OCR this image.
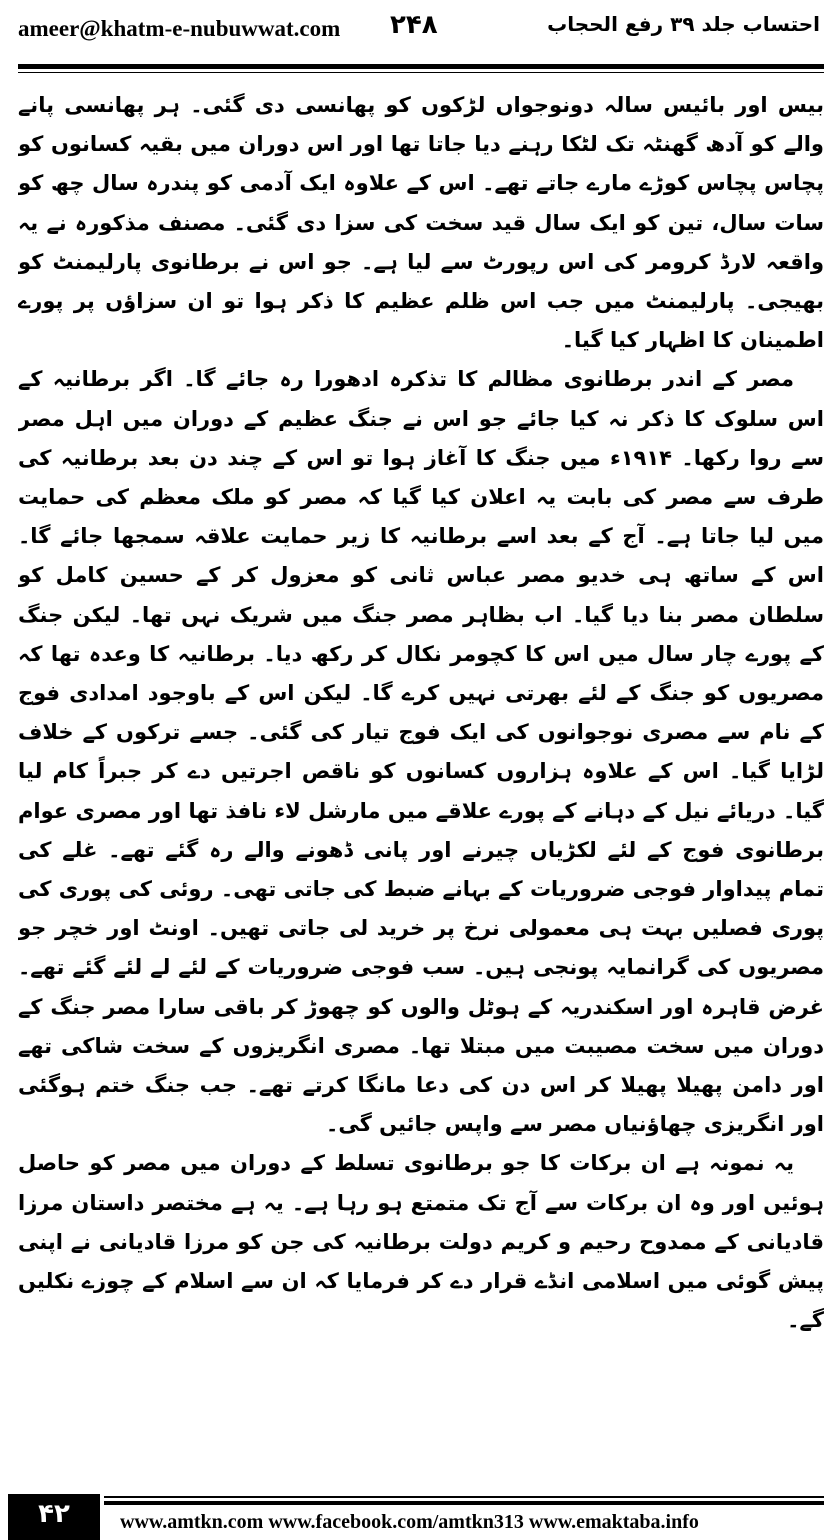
ameer@khatm-e-nubuwwat.com ۲۴۸	احتساب جلد ۳۹ رفع الحجاب

بیس اور بائیس سالہ دونوجواں لڑکوں کو پھانسی دی گئی۔ ہر پھانسی پانے والے کو آدھ گھنٹہ تک لٹکا رہنے دیا جاتا تھا اور اس دوران میں بقیہ کسانوں کو پچاس پچاس کوڑے مارے جاتے تھے۔ اس کے علاوہ ایک آدمی کو پندرہ سال چھ کو سات سال، تین کو ایک سال قید سخت کی سزا دی گئی۔ مصنف مذکورہ نے یہ واقعہ لارڈ کرومر کی اس رپورٹ سے لیا ہے۔ جو اس نے برطانوی پارلیمنٹ کو بھیجی۔ پارلیمنٹ میں جب اس ظلم عظیم کا ذکر ہوا تو ان سزاؤں پر پورے اطمینان کا اظہار کیا گیا۔

مصر کے اندر برطانوی مظالم کا تذکرہ ادھورا رہ جائے گا۔ اگر برطانیہ کے اس سلوک کا ذکر نہ کیا جائے جو اس نے جنگ عظیم کے دوران میں اہل مصر سے روا رکھا۔ ۱۹۱۴ء میں جنگ کا آغاز ہوا تو اس کے چند دن بعد برطانیہ کی طرف سے مصر کی بابت یہ اعلان کیا گیا کہ مصر کو ملک معظم کی حمایت میں لیا جاتا ہے۔ آج کے بعد اسے برطانیہ کا زیر حمایت علاقہ سمجھا جائے گا۔ اس کے ساتھ ہی خدیو مصر عباس ثانی کو معزول کر کے حسین کامل کو سلطان مصر بنا دیا گیا۔ اب بظاہر مصر جنگ میں شریک نہں تھا۔ لیکن جنگ کے پورے چار سال میں اس کا کچومر نکال کر رکھ دیا۔ برطانیہ کا وعدہ تھا کہ مصریوں کو جنگ کے لئے بھرتی نہیں کرے گا۔ لیکن اس کے باوجود امدادی فوج کے نام سے مصری نوجوانوں کی ایک فوج تیار کی گئی۔ جسے ترکوں کے خلاف لڑایا گیا۔ اس کے علاوہ ہزاروں کسانوں کو ناقص اجرتیں دے کر جبراً کام لیا گیا۔ دریائے نیل کے دہانے کے پورے علاقے میں مارشل لاء نافذ تھا اور مصری عوام برطانوی فوج کے لئے لکڑیاں چیرنے اور پانی ڈھونے والے رہ گئے تھے۔ غلے کی تمام پیداوار فوجی ضروریات کے بہانے ضبط کی جاتی تھی۔ روئی کی پوری کی پوری فصلیں بہت ہی معمولی نرخ پر خرید لی جاتی تھیں۔ اونٹ اور خچر جو مصریوں کی گرانمایہ پونجی ہیں۔ سب فوجی ضروریات کے لئے لے لئے گئے تھے۔ غرض قاہرہ اور اسکندریہ کے ہوٹل والوں کو چھوڑ کر باقی سارا مصر جنگ کے دوران میں سخت مصیبت میں مبتلا تھا۔ مصری انگریزوں کے سخت شاکی تھے اور دامن پھیلا پھیلا کر اس دن کی دعا مانگا کرتے تھے۔ جب جنگ ختم ہوگئی اور انگریزی چھاؤنیاں مصر سے واپس جائیں گی۔

یہ نمونہ ہے ان برکات کا جو برطانوی تسلط کے دوران میں مصر کو حاصل ہوئیں اور وہ ان برکات سے آج تک متمتع ہو رہا ہے۔ یہ ہے مختصر داستان مرزا قادیانی کے ممدوح رحیم و کریم دولت برطانیہ کی جن کو مرزا قادیانی نے اپنی پیش گوئی میں اسلامی انڈے قرار دے کر فرمایا کہ ان سے اسلام کے چوزے نکلیں گے۔

۴۲	www.amtkn.com www.facebook.com/amtkn313 www.emaktaba.info
